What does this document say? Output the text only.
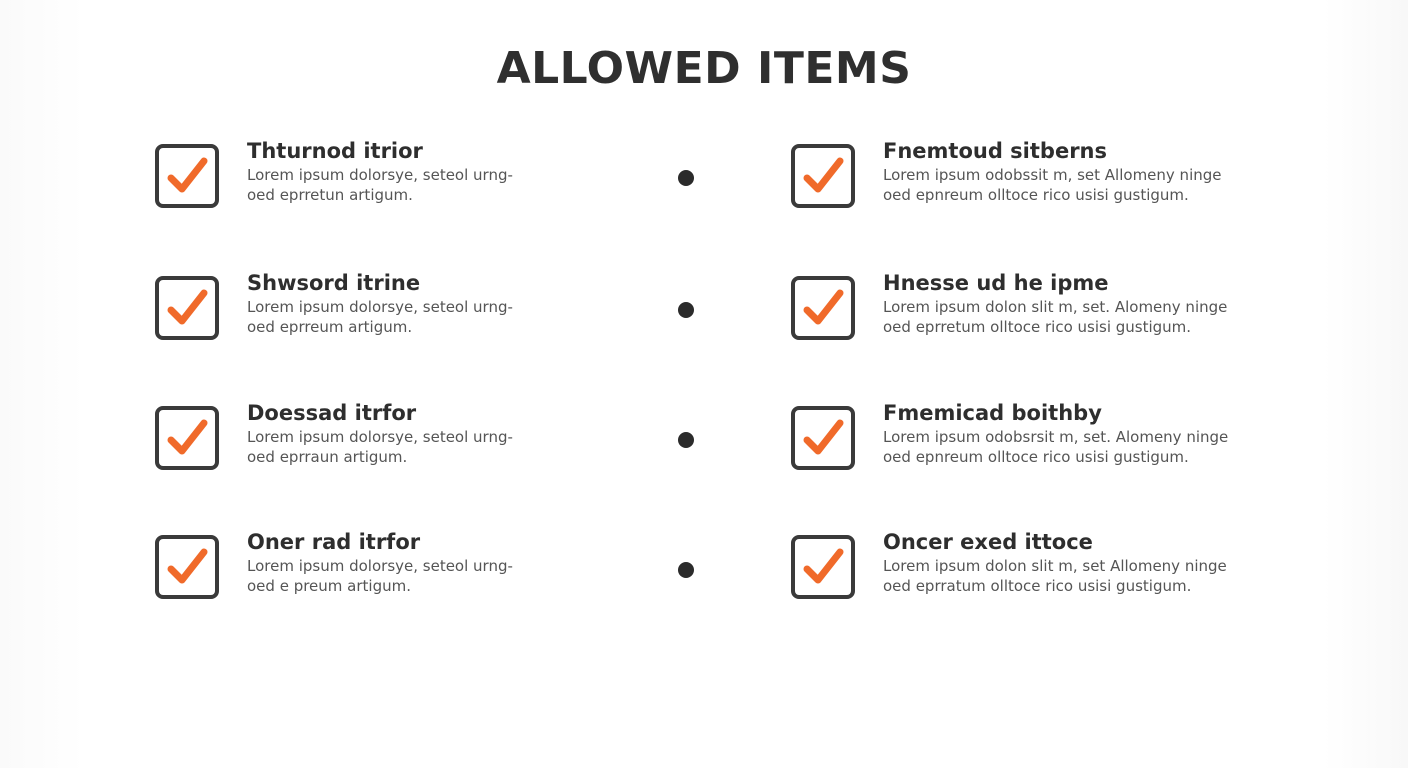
ALLOWED ITEMS
Thturnod itrior
Lorem ipsum dolorsye, seteol urng-
oed eprretun artigum.
Shwsord itrine
Lorem ipsum dolorsye, seteol urng-
oed eprreum artigum.
Doessad itrfor
Lorem ipsum dolorsye, seteol urng-
oed eprraun artigum.
Oner rad itrfor
Lorem ipsum dolorsye, seteol urng-
oed e preum artigum.
Fnemtoud sitberns
Lorem ipsum odobssit m, set Allomeny ninge
oed epnreum olltoce rico usisi gustigum.
Hnesse ud he ipme
Lorem ipsum dolon slit m, set. Alomeny ninge
oed eprretum olltoce rico usisi gustigum.
Fmemicad boithby
Lorem ipsum odobsrsit m, set. Alomeny ninge
oed epnreum olltoce rico usisi gustigum.
Oncer exed ittoce
Lorem ipsum dolon slit m, set Allomeny ninge
oed eprratum olltoce rico usisi gustigum.
